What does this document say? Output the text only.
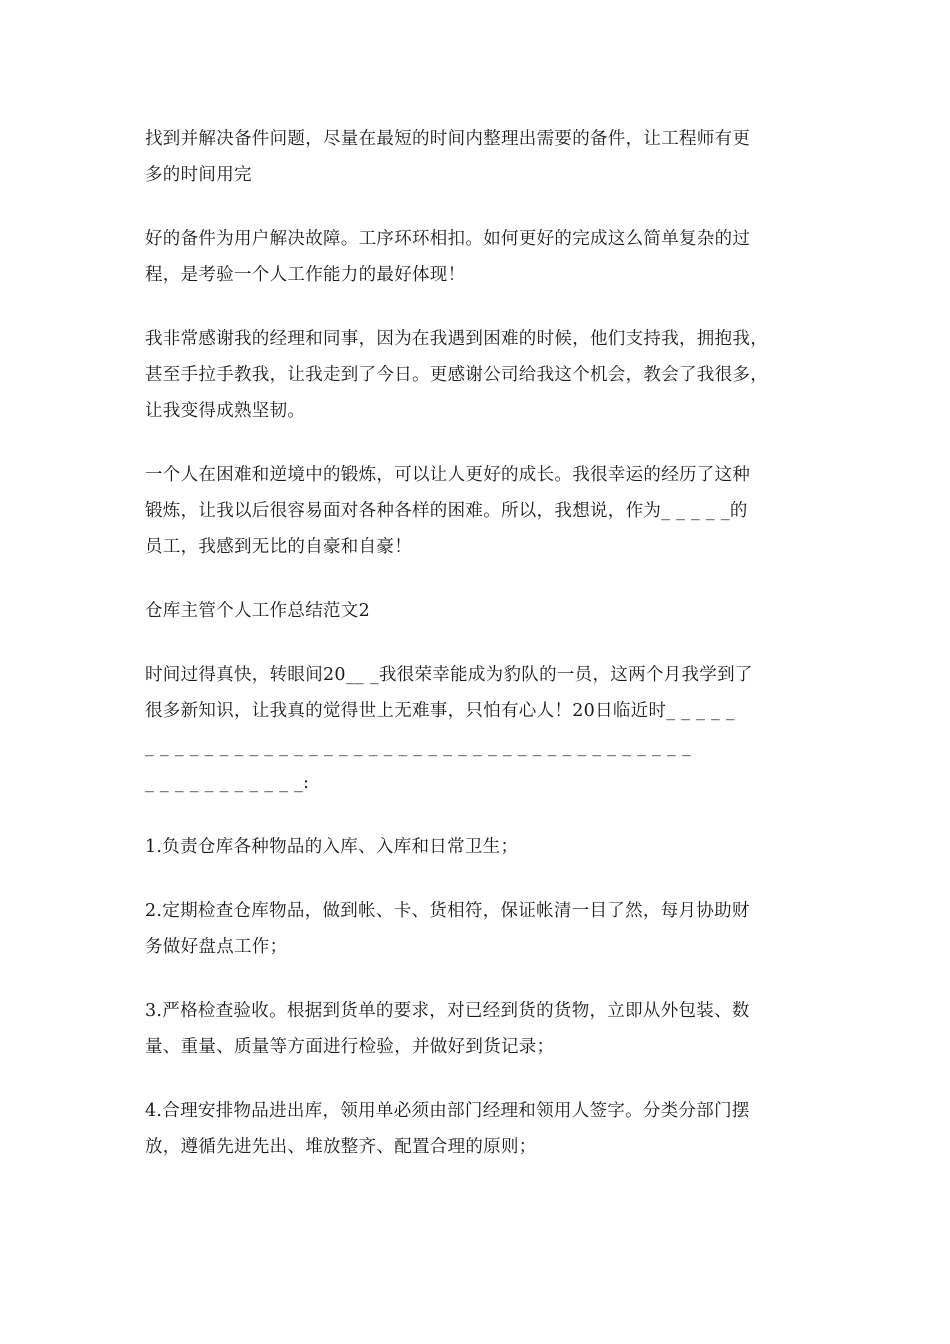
找到并解决备件问题，尽量在最短的时间内整理出需要的备件，让工程师有更
多的时间用完

好的备件为用户解决故障。工序环环相扣。如何更好的完成这么简单复杂的过
程，是考验一个人工作能力的最好体现！

我非常感谢我的经理和同事，因为在我遇到困难的时候，他们支持我，拥抱我，
甚至手拉手教我，让我走到了今日。更感谢公司给我这个机会，教会了我很多，
让我变得成熟坚韧。

一个人在困难和逆境中的锻炼，可以让人更好的成长。我很幸运的经历了这种
锻炼，让我以后很容易面对各种各样的困难。所以，我想说，作为_ _ _ _ _的
员工，我感到无比的自豪和自豪！

仓库主管个人工作总结范文2

时间过得真快，转眼间20__ _我很荣幸能成为豹队的一员，这两个月我学到了
很多新知识，让我真的觉得世上无难事，只怕有心人！20日临近时_ _ _ _ _
_ _ _ _ _ _ _ _ _ _ _ _ _ _ _ _ _ _ _ _ _ _ _ _ _ _ _ _ _ _ _ _ _ _ _ _ _
_ _ _ _ _ _ _ _ _ _ _:

1.负责仓库各种物品的入库、入库和日常卫生；

2.定期检查仓库物品，做到帐、卡、货相符，保证帐清一目了然，每月协助财
务做好盘点工作；

3.严格检查验收。根据到货单的要求，对已经到货的货物，立即从外包装、数
量、重量、质量等方面进行检验，并做好到货记录；

4.合理安排物品进出库，领用单必须由部门经理和领用人签字。分类分部门摆
放，遵循先进先出、堆放整齐、配置合理的原则；
